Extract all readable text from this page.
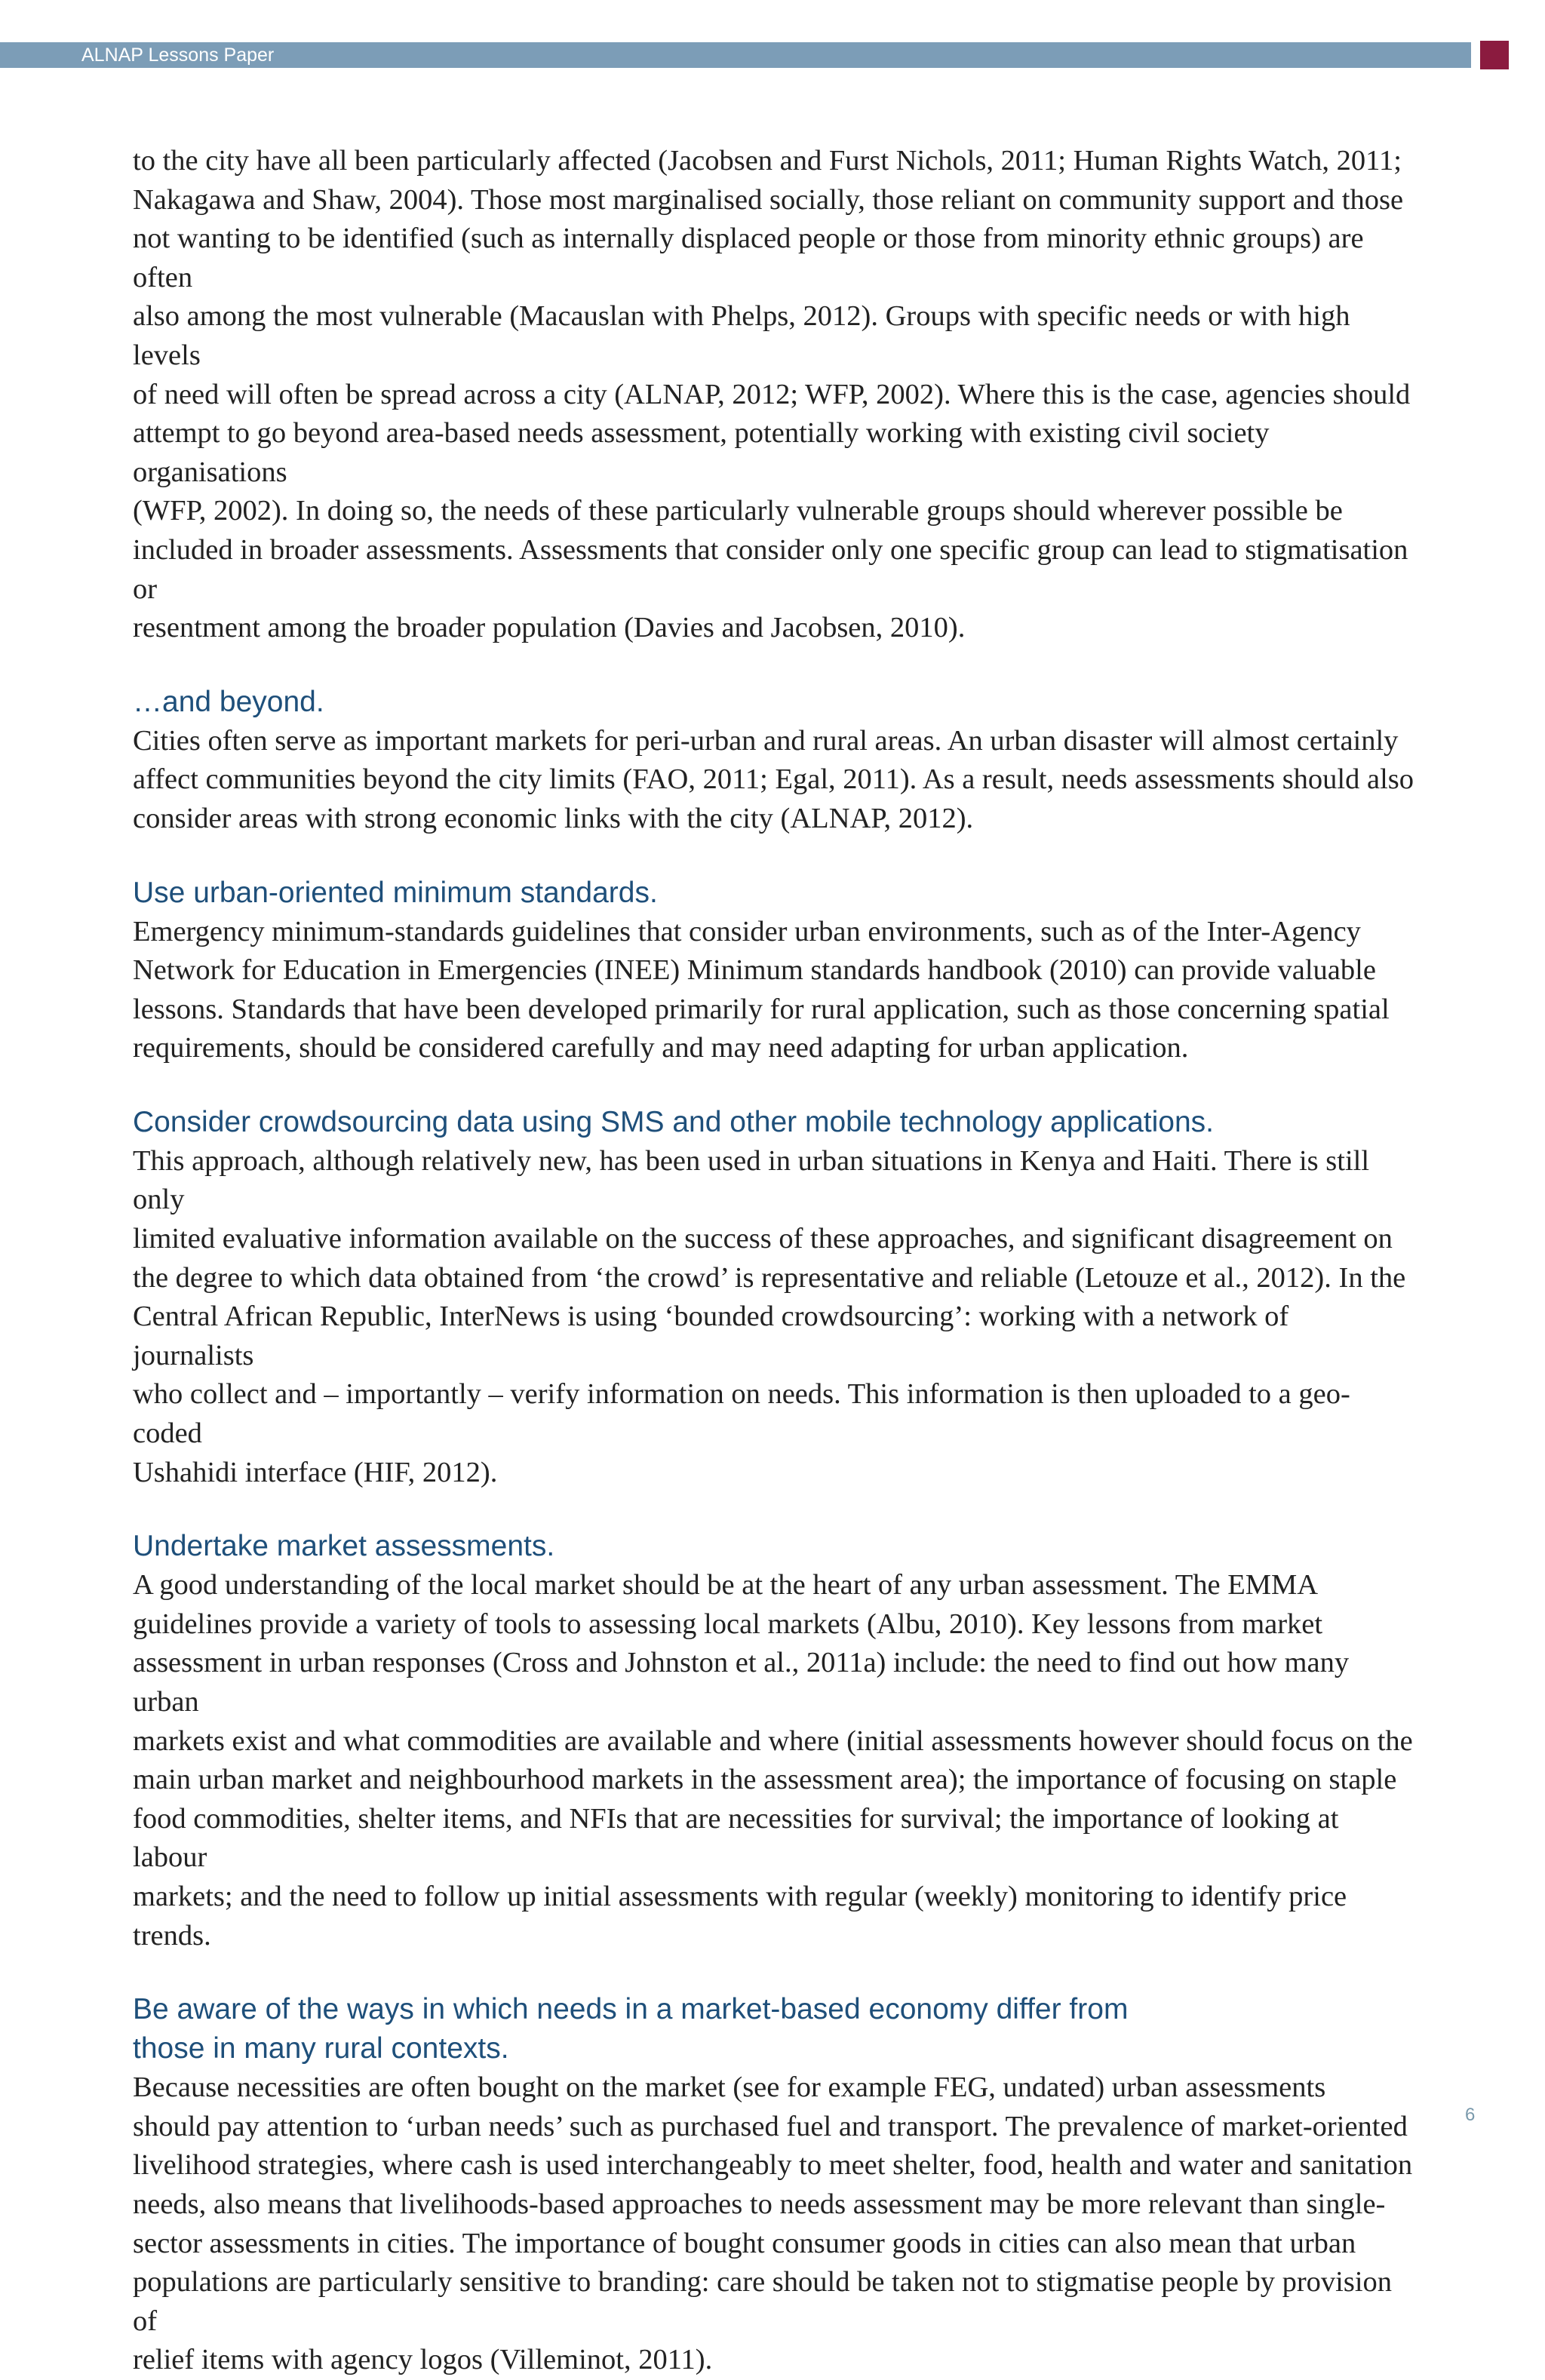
ALNAP Lessons Paper

to the city have all been particularly affected (Jacobsen and Furst Nichols, 2011; Human Rights Watch, 2011;
Nakagawa and Shaw, 2004). Those most marginalised socially, those reliant on community support and those
not wanting to be identified (such as internally displaced people or those from minority ethnic groups) are often
also among the most vulnerable (Macauslan with Phelps, 2012). Groups with specific needs or with high levels
of need will often be spread across a city (ALNAP, 2012; WFP, 2002). Where this is the case, agencies should
attempt to go beyond area-based needs assessment, potentially working with existing civil society organisations
(WFP, 2002). In doing so, the needs of these particularly vulnerable groups should wherever possible be
included in broader assessments. Assessments that consider only one specific group can lead to stigmatisation or
resentment among the broader population (Davies and Jacobsen, 2010).

…and beyond.

Cities often serve as important markets for peri-urban and rural areas. An urban disaster will almost certainly
affect communities beyond the city limits (FAO, 2011; Egal, 2011). As a result, needs assessments should also
consider areas with strong economic links with the city (ALNAP, 2012).

Use urban-oriented minimum standards.

Emergency minimum-standards guidelines that consider urban environments, such as of the Inter-Agency
Network for Education in Emergencies (INEE) Minimum standards handbook (2010) can provide valuable
lessons. Standards that have been developed primarily for rural application, such as those concerning spatial
requirements, should be considered carefully and may need adapting for urban application.

Consider crowdsourcing data using SMS and other mobile technology applications.

This approach, although relatively new, has been used in urban situations in Kenya and Haiti. There is still only
limited evaluative information available on the success of these approaches, and significant disagreement on
the degree to which data obtained from ‘the crowd’ is representative and reliable (Letouze et al., 2012). In the
Central African Republic, InterNews is using ‘bounded crowdsourcing’: working with a network of journalists
who collect and – importantly – verify information on needs. This information is then uploaded to a geo-coded
Ushahidi interface (HIF, 2012).

Undertake market assessments.

A good understanding of the local market should be at the heart of any urban assessment. The EMMA
guidelines provide a variety of tools to assessing local markets (Albu, 2010). Key lessons from market
assessment in urban responses (Cross and Johnston et al., 2011a) include: the need to find out how many urban
markets exist and what commodities are available and where (initial assessments however should focus on the
main urban market and neighbourhood markets in the assessment area); the importance of focusing on staple
food commodities, shelter items, and NFIs that are necessities for survival; the importance of looking at labour
markets; and the need to follow up initial assessments with regular (weekly) monitoring to identify price trends.

Be aware of the ways in which needs in a market-based economy differ from
those in many rural contexts.

Because necessities are often bought on the market (see for example FEG, undated) urban assessments
should pay attention to ‘urban needs’ such as purchased fuel and transport. The prevalence of market-oriented
livelihood strategies, where cash is used interchangeably to meet shelter, food, health and water and sanitation
needs, also means that livelihoods-based approaches to needs assessment may be more relevant than single-
sector assessments in cities. The importance of bought consumer goods in cities can also mean that urban
populations are particularly sensitive to branding: care should be taken not to stigmatise people by provision of
relief items with agency logos (Villeminot, 2011).

6
